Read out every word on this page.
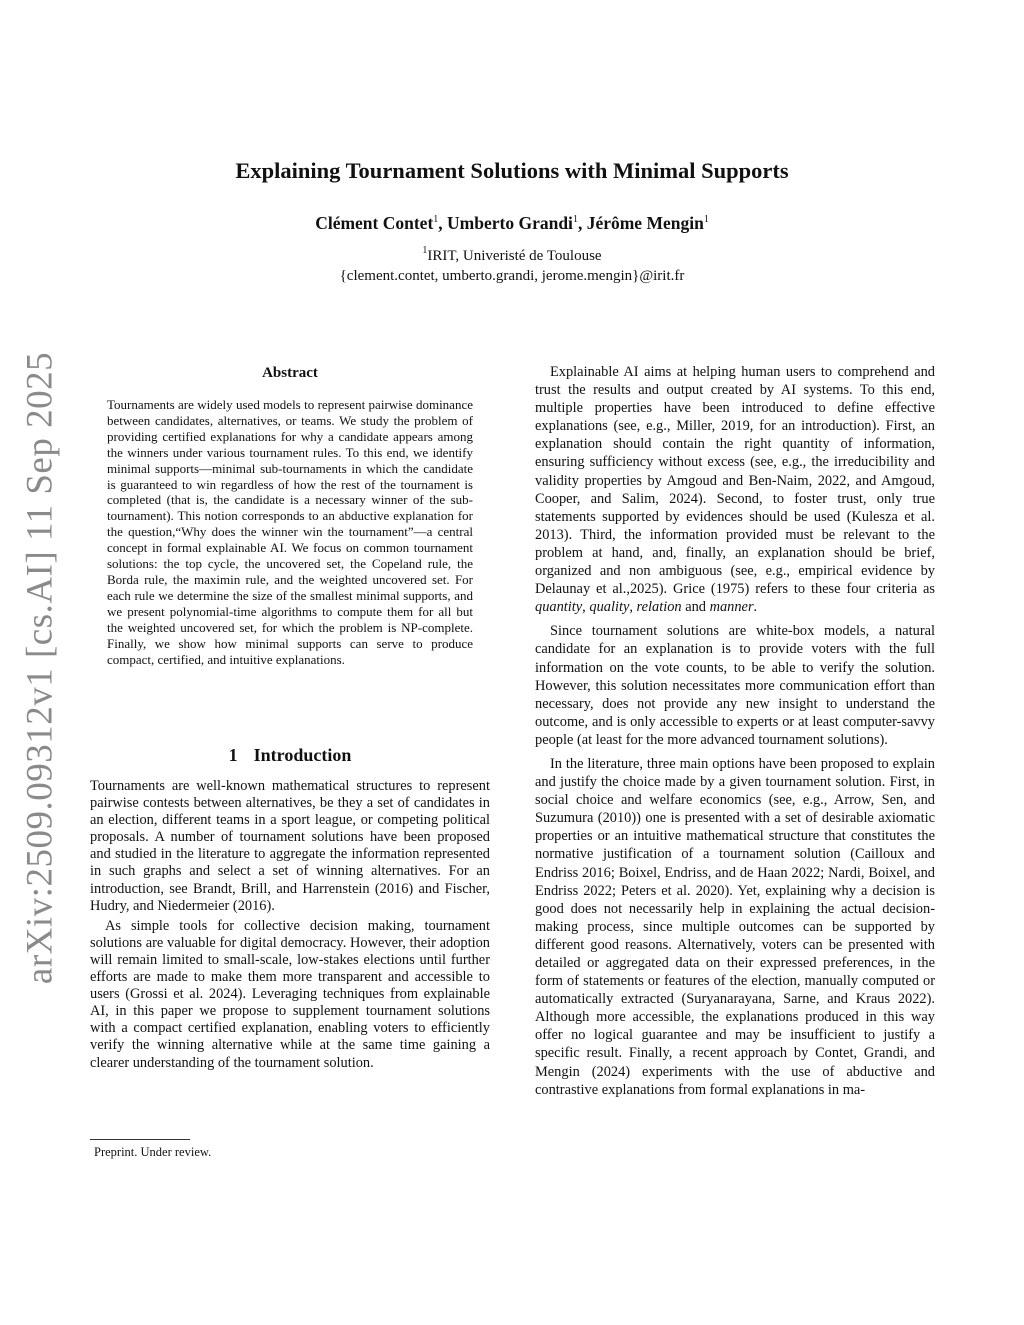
arXiv:2509.09312v1 [cs.AI] 11 Sep 2025
Explaining Tournament Solutions with Minimal Supports
Clément Contet$^1$, Umberto Grandi$^1$, Jérôme Mengin$^1$
$^1$IRIT, Univeristé de Toulouse
{clement.contet, umberto.grandi, jerome.mengin}@irit.fr
Abstract
Tournaments are widely used models to represent pairwise dominance between candidates, alternatives, or teams. We study the problem of providing certified explanations for why a candidate appears among the winners under various tournament rules. To this end, we identify minimal supports—minimal sub-tournaments in which the candidate is guaranteed to win regardless of how the rest of the tournament is completed (that is, the candidate is a necessary winner of the sub-tournament). This notion corresponds to an abductive explanation for the question,“Why does the winner win the tournament”—a central concept in formal explainable AI. We focus on common tournament solutions: the top cycle, the uncovered set, the Copeland rule, the Borda rule, the maximin rule, and the weighted uncovered set. For each rule we determine the size of the smallest minimal supports, and we present polynomial-time algorithms to compute them for all but the weighted uncovered set, for which the problem is NP-complete. Finally, we show how minimal supports can serve to produce compact, certified, and intuitive explanations.
1 Introduction

Tournaments are well-known mathematical structures to represent pairwise contests between alternatives, be they a set of candidates in an election, different teams in a sport league, or competing political proposals. A number of tournament solutions have been proposed and studied in the literature to aggregate the information represented in such graphs and select a set of winning alternatives. For an introduction, see Brandt, Brill, and Harrenstein (2016) and Fischer, Hudry, and Niedermeier (2016).

As simple tools for collective decision making, tournament solutions are valuable for digital democracy. However, their adoption will remain limited to small-scale, low-stakes elections until further efforts are made to make them more transparent and accessible to users (Grossi et al. 2024). Leveraging techniques from explainable AI, in this paper we propose to supplement tournament solutions with a compact certified explanation, enabling voters to efficiently verify the winning alternative while at the same time gaining a clearer understanding of the tournament solution.

Explainable AI aims at helping human users to comprehend and trust the results and output created by AI systems. To this end, multiple properties have been introduced to define effective explanations (see, e.g., Miller, 2019, for an introduction). First, an explanation should contain the right quantity of information, ensuring sufficiency without excess (see, e.g., the irreducibility and validity properties by Amgoud and Ben-Naim, 2022, and Amgoud, Cooper, and Salim, 2024). Second, to foster trust, only true statements supported by evidences should be used (Kulesza et al. 2013). Third, the information provided must be relevant to the problem at hand, and, finally, an explanation should be brief, organized and non ambiguous (see, e.g., empirical evidence by Delaunay et al.,2025). Grice (1975) refers to these four criteria as quantity, quality, relation and manner.

Since tournament solutions are white-box models, a natural candidate for an explanation is to provide voters with the full information on the vote counts, to be able to verify the solution. However, this solution necessitates more communication effort than necessary, does not provide any new insight to understand the outcome, and is only accessible to experts or at least computer-savvy people (at least for the more advanced tournament solutions).

In the literature, three main options have been proposed to explain and justify the choice made by a given tournament solution. First, in social choice and welfare economics (see, e.g., Arrow, Sen, and Suzumura (2010)) one is presented with a set of desirable axiomatic properties or an intuitive mathematical structure that constitutes the normative justification of a tournament solution (Cailloux and Endriss 2016; Boixel, Endriss, and de Haan 2022; Nardi, Boixel, and Endriss 2022; Peters et al. 2020). Yet, explaining why a decision is good does not necessarily help in explaining the actual decision-making process, since multiple outcomes can be supported by different good reasons. Alternatively, voters can be presented with detailed or aggregated data on their expressed preferences, in the form of statements or features of the election, manually computed or automatically extracted (Suryanarayana, Sarne, and Kraus 2022). Although more accessible, the explanations produced in this way offer no logical guarantee and may be insufficient to justify a specific result. Finally, a recent approach by Contet, Grandi, and Mengin (2024) experiments with the use of abductive and contrastive explanations from formal explanations in ma-

Preprint. Under review.
